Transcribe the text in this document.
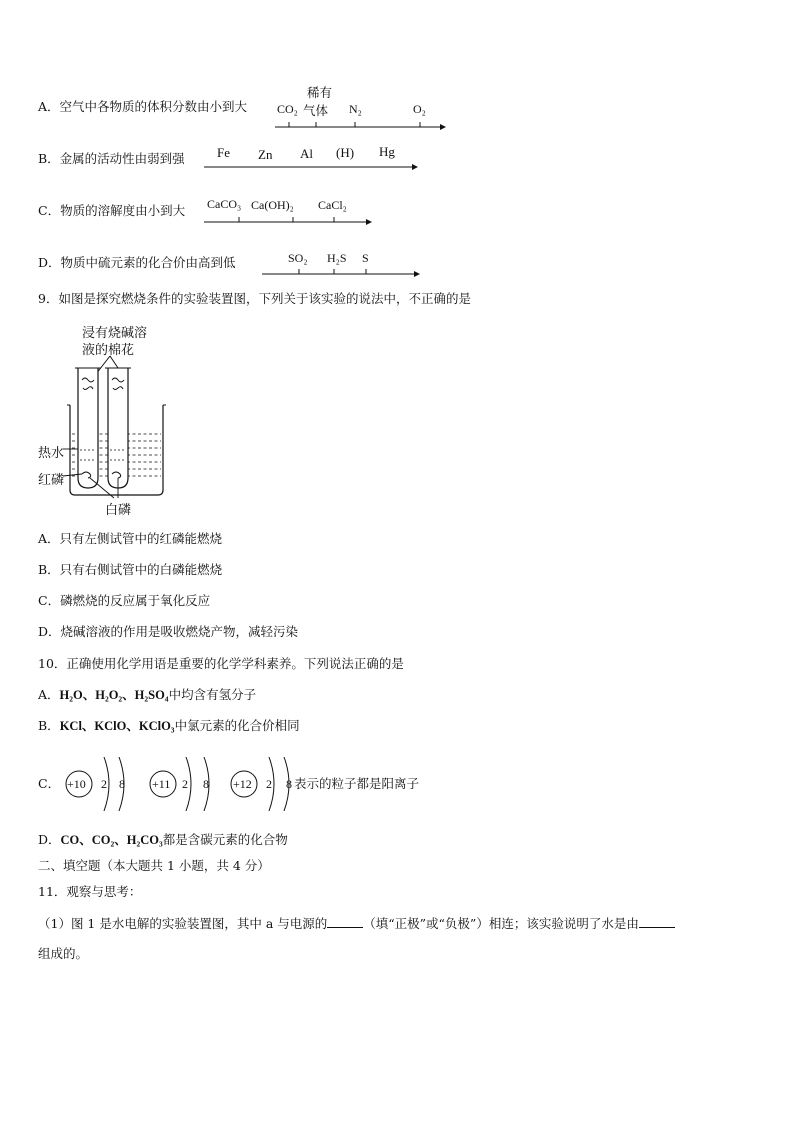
A．空气中各物质的体积分数由小到大
稀有
CO₂ 气体 N₂	O₂
B．金属的活动性由弱到强 Fe Zn Al (H) Hg
C．物质的溶解度由小到大 CaCO₃ Ca(OH)₂ CaCl₂
D．物质中硫元素的化合价由高到低	SO₂ H₂S S
9．如图是探究燃烧条件的实验装置图，下列关于该实验的说法中，不正确的是
浸有烧碱溶
液的棉花
热水
红磷
白磷
A．只有左侧试管中的红磷能燃烧
B．只有右侧试管中的白磷能燃烧
C．磷燃烧的反应属于氧化反应
D．烧碱溶液的作用是吸收燃烧产物，减轻污染
10．正确使用化学用语是重要的化学学科素养。下列说法正确的是
A．H₂O、H₂O₂、H₂SO₄中均含有氢分子
B．KCl、KClO、KClO₃中氯元素的化合价相同
C． +10 2 8 +11 2 8 +12 2 8 表示的粒子都是阳离子
D．CO、CO₂、H₂CO₃都是含碳元素的化合物
二、填空题（本大题共 1 小题，共 4 分）
11．观察与思考：
（1）图 1 是水电解的实验装置图，其中 a 与电源的	（填“正极”或“负极”）相连；该实验说明了水是由
组成的。
